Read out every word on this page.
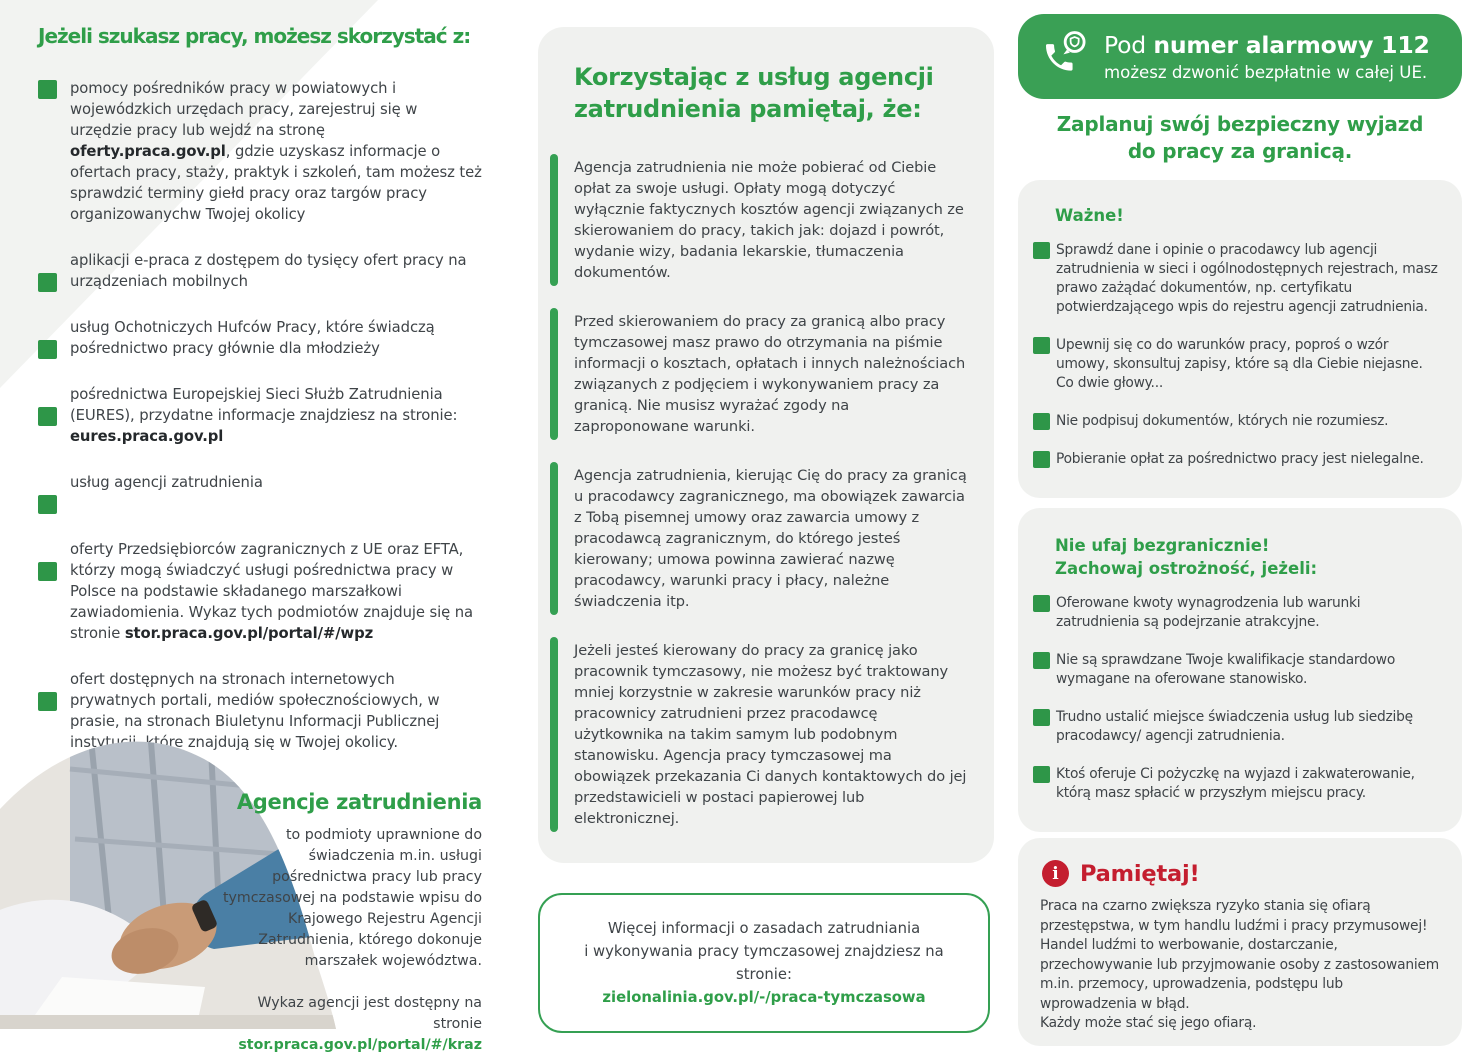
Jeżeli szukasz pracy, możesz skorzystać z:

pomocy pośredników pracy w powiatowych i wojewódzkich urzędach pracy, zarejestruj się w urzędzie pracy lub wejdź na stronę oferty.praca.gov.pl, gdzie uzyskasz informacje o ofertach pracy, staży, praktyk i szkoleń, tam możesz też sprawdzić terminy giełd pracy oraz targów pracy organizowanychw Twojej okolicy

aplikacji e-praca z dostępem do tysięcy ofert pracy na urządzeniach mobilnych

usług Ochotniczych Hufców Pracy, które świadczą pośrednictwo pracy głównie dla młodzieży

pośrednictwa Europejskiej Sieci Służb Zatrudnienia (EURES), przydatne informacje znajdziesz na stronie: eures.praca.gov.pl

usług agencji zatrudnienia

oferty Przedsiębiorców zagranicznych z UE oraz EFTA, którzy mogą świadczyć usługi pośrednictwa pracy w Polsce na podstawie składanego marszałkowi zawiadomienia. Wykaz tych podmiotów znajduje się na stronie stor.praca.gov.pl/portal/#/wpz

ofert dostępnych na stronach internetowych prywatnych portali, mediów społecznościowych, w prasie, na stronach Biuletynu Informacji Publicznej instytucji, które znajdują się w Twojej okolicy.

Agencje zatrudnienia
to podmioty uprawnione do świadczenia m.in. usługi pośrednictwa pracy lub pracy tymczasowej na podstawie wpisu do Krajowego Rejestru Agencji Zatrudnienia, którego dokonuje marszałek województwa.
Wykaz agencji jest dostępny na stronie
stor.praca.gov.pl/portal/#/kraz
Korzystając z usług agencji zatrudnienia pamiętaj, że:

Agencja zatrudnienia nie może pobierać od Ciebie opłat za swoje usługi. Opłaty mogą dotyczyć wyłącznie faktycznych kosztów agencji związanych ze skierowaniem do pracy, takich jak: dojazd i powrót, wydanie wizy, badania lekarskie, tłumaczenia dokumentów.

Przed skierowaniem do pracy za granicą albo pracy tymczasowej masz prawo do otrzymania na piśmie informacji o kosztach, opłatach i innych należnościach związanych z podjęciem i wykonywaniem pracy za granicą. Nie musisz wyrażać zgody na zaproponowane warunki.

Agencja zatrudnienia, kierując Cię do pracy za granicą u pracodawcy zagranicznego, ma obowiązek zawarcia z Tobą pisemnej umowy oraz zawarcia umowy z pracodawcą zagranicznym, do którego jesteś kierowany; umowa powinna zawierać nazwę pracodawcy, warunki pracy i płacy, należne świadczenia itp.

Jeżeli jesteś kierowany do pracy za granicę jako pracownik tymczasowy, nie możesz być traktowany mniej korzystnie w zakresie warunków pracy niż pracownicy zatrudnieni przez pracodawcę użytkownika na takim samym lub podobnym stanowisku. Agencja pracy tymczasowej ma obowiązek przekazania Ci danych kontaktowych do jej przedstawicieli w postaci papierowej lub elektronicznej.

Więcej informacji o zasadach zatrudniania
i wykonywania pracy tymczasowej znajdziesz na stronie:
zielonalinia.gov.pl/-/praca-tymczasowa
Pod numer alarmowy 112
możesz dzwonić bezpłatnie w całej UE.
Zaplanuj swój bezpieczny wyjazd
do pracy za granicą.
Ważne!

Sprawdź dane i opinie o pracodawcy lub agencji zatrudnienia w sieci i ogólnodostępnych rejestrach, masz prawo zażądać dokumentów, np. certyfikatu potwierdzającego wpis do rejestru agencji zatrudnienia.

Upewnij się co do warunków pracy, poproś o wzór umowy, skonsultuj zapisy, które są dla Ciebie niejasne. Co dwie głowy...

Nie podpisuj dokumentów, których nie rozumiesz.

Pobieranie opłat za pośrednictwo pracy jest nielegalne.

Nie ufaj bezgranicznie!
Zachowaj ostrożność, jeżeli:

Oferowane kwoty wynagrodzenia lub warunki zatrudnienia są podejrzanie atrakcyjne.

Nie są sprawdzane Twoje kwalifikacje standardowo wymagane na oferowane stanowisko.

Trudno ustalić miejsce świadczenia usług lub siedzibę pracodawcy/ agencji zatrudnienia.

Ktoś oferuje Ci pożyczkę na wyjazd i zakwaterowanie, którą masz spłacić w przyszłym miejscu pracy.

i Pamiętaj!

Praca na czarno zwiększa ryzyko stania się ofiarą przestępstwa, w tym handlu ludźmi i pracy przymusowej! Handel ludźmi to werbowanie, dostarczanie, przechowywanie lub przyjmowanie osoby z zastosowaniem m.in. przemocy, uprowadzenia, podstępu lub wprowadzenia w błąd.
Każdy może stać się jego ofiarą.
